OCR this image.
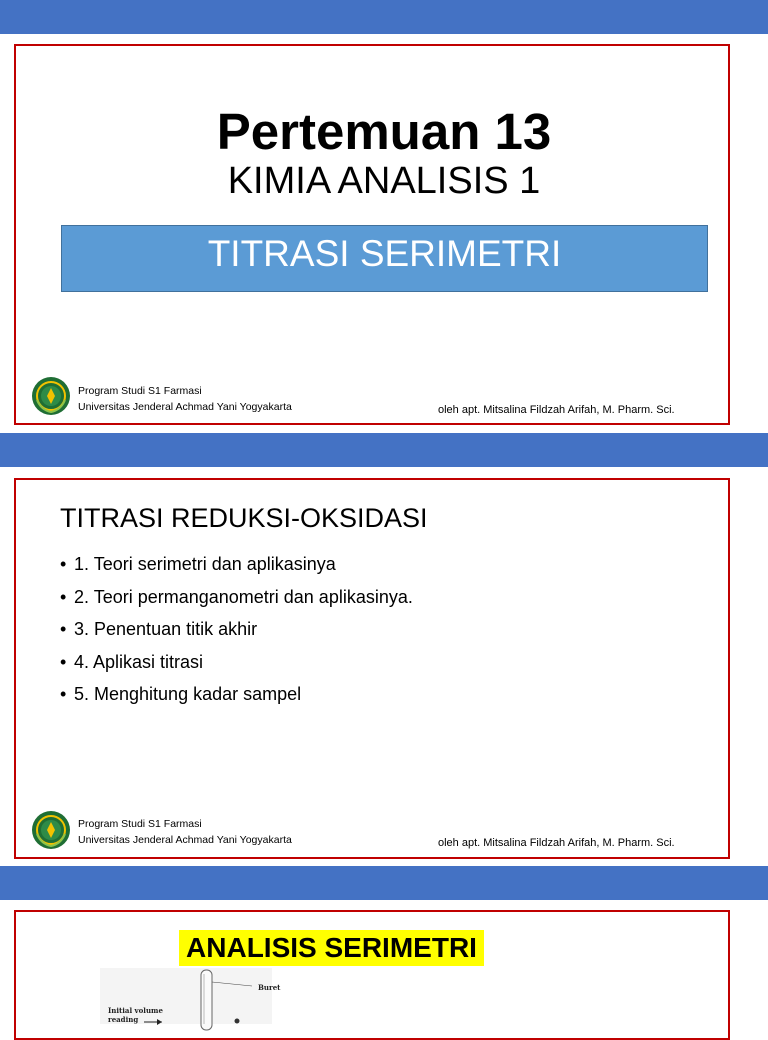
Pertemuan 13
KIMIA ANALISIS 1
TITRASI SERIMETRI
Program Studi S1 Farmasi
Universitas Jenderal Achmad Yani Yogyakarta	oleh apt. Mitsalina Fildzah Arifah, M. Pharm. Sci.
TITRASI REDUKSI-OKSIDASI
• 1. Teori serimetri dan aplikasinya
• 2. Teori permanganometri dan aplikasinya.
• 3. Penentuan titik akhir
• 4. Aplikasi titrasi
• 5. Menghitung kadar sampel
Program Studi S1 Farmasi
Universitas Jenderal Achmad Yani Yogyakarta	oleh apt. Mitsalina Fildzah Arifah, M. Pharm. Sci.
ANALISIS SERIMETRI
Buret
Initial volume
reading
